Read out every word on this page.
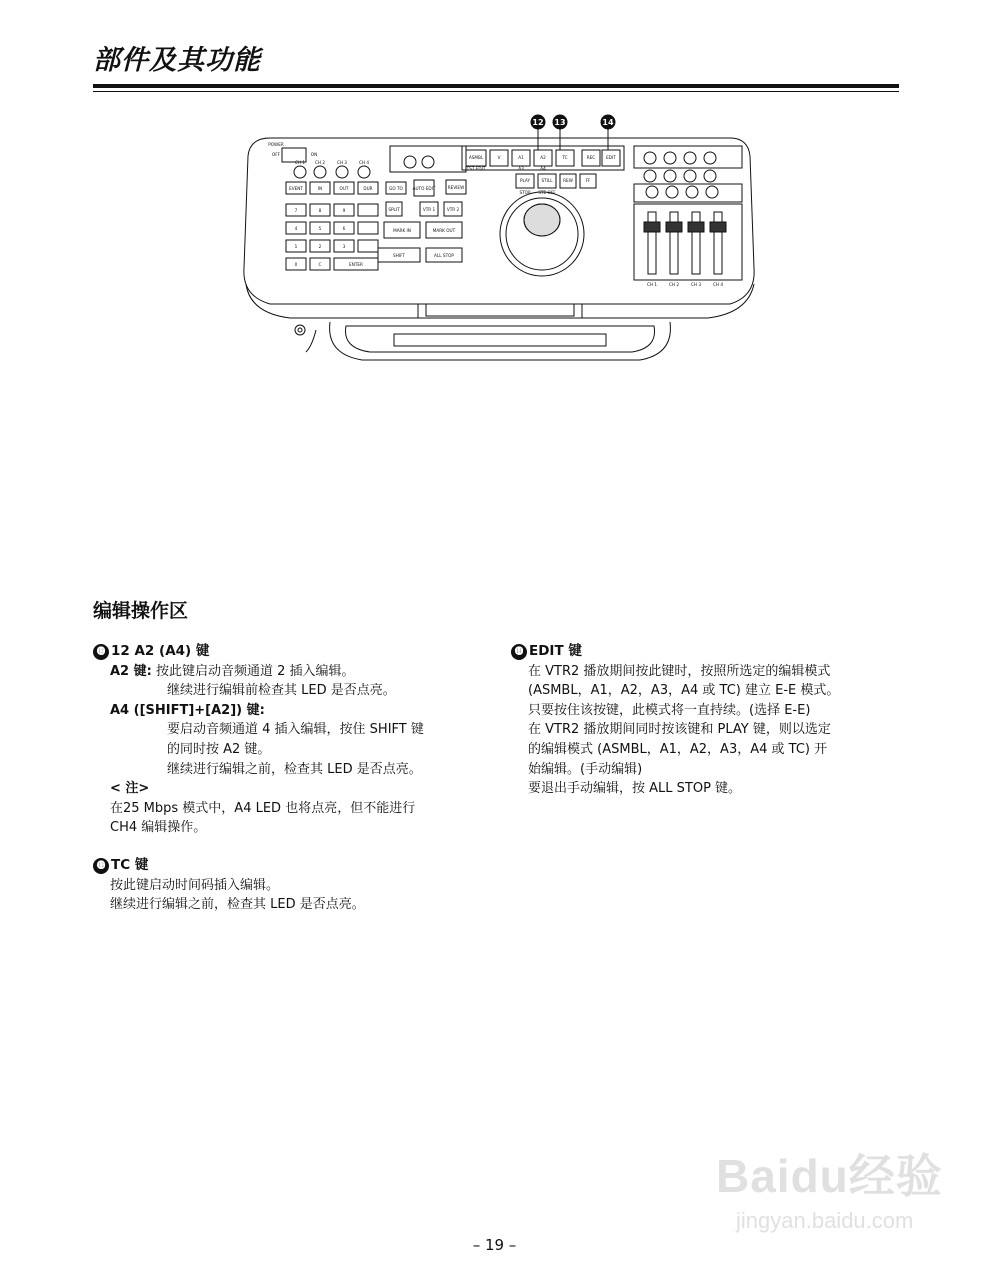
部件及其功能
12 13	14
POWER
OFF	ON
CH 1 CH 2	CH 3	CH 4
ASMBL	V	A1	A2	TC	REC	EDIT
TST EDIT	A3	A4
PLAY	STILL	REW	FF
STOP STE OFF
EVENT	IN	OUT	DUR	GO TO AUTO EDIT	REVIEW
SPLIT	VTR 1	VTR 2
MARK IN	MARK OUT
SHIFT	ALL STOP
7	8	9
4	5	6
1	2	3
0	C	ENTER
CH 1	CH 2	CH 3	CH 4
编辑操作区
⓬ 12 A2 (A4) 键
A2 键: 按此键启动音频通道 2 插入编辑。
继续进行编辑前检查其 LED 是否点亮。
A4 ([SHIFT]+[A2]) 键:
要启动音频通道 4 插入编辑，按住 SHIFT 键
的同时按 A2 键。
继续进行编辑之前，检查其 LED 是否点亮。
< 注>
在25 Mbps 模式中，A4 LED 也将点亮，但不能进行
CH4 编辑操作。
⓭ TC 键
按此键启动时间码插入编辑。
继续进行编辑之前，检查其 LED 是否点亮。
⓮ EDIT 键
在 VTR2 播放期间按此键时，按照所选定的编辑模式
(ASMBL，A1，A2，A3，A4 或 TC) 建立 E-E 模式。
只要按住该按键，此模式将一直持续。(选择 E-E)
在 VTR2 播放期间同时按该键和 PLAY 键，则以选定
的编辑模式 (ASMBL，A1，A2，A3，A4 或 TC) 开
始编辑。(手动编辑)
要退出手动编辑，按 ALL STOP 键。
Baidu经验
jingyan.baidu.com
– 19 –
